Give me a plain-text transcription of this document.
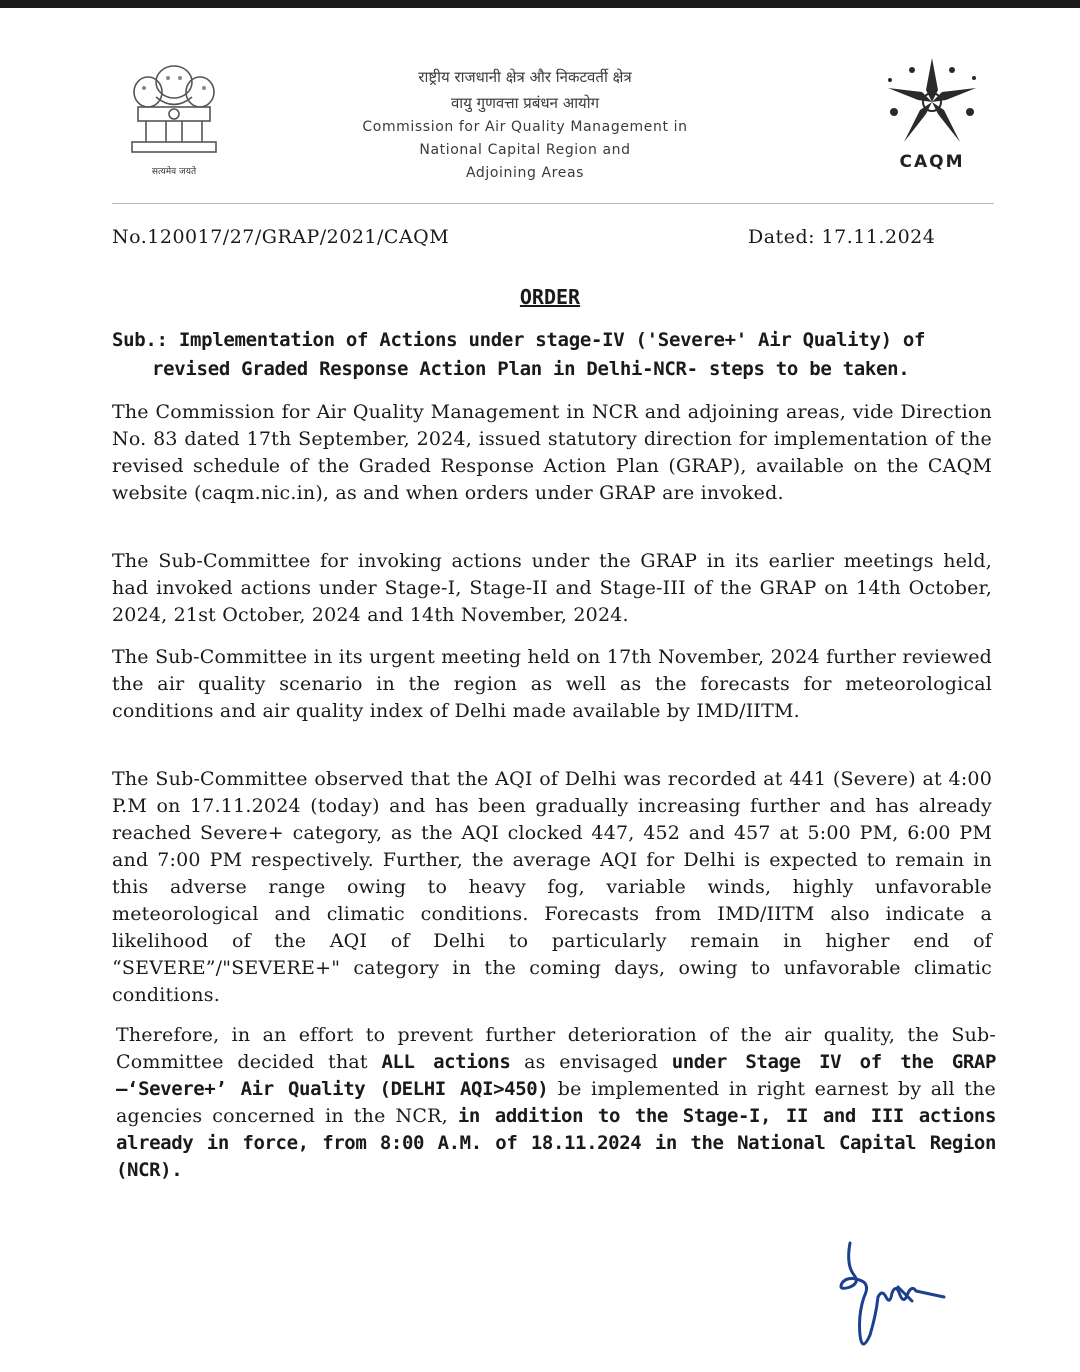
सत्यमेव जयते
राष्ट्रीय राजधानी क्षेत्र और निकटवर्ती क्षेत्र
वायु गुणवत्ता प्रबंधन आयोग
Commission for Air Quality Management in
National Capital Region and
Adjoining Areas
CAQM
No.120017/27/GRAP/2021/CAQM	Dated: 17.11.2024
ORDER
Sub.: Implementation of Actions under stage-IV ('Severe+' Air Quality) of
revised Graded Response Action Plan in Delhi-NCR- steps to be taken.
The Commission for Air Quality Management in NCR and adjoining areas, vide Direction No. 83 dated 17th September, 2024, issued statutory direction for implementation of the revised schedule of the Graded Response Action Plan (GRAP), available on the CAQM website (caqm.nic.in), as and when orders under GRAP are invoked.
The Sub-Committee for invoking actions under the GRAP in its earlier meetings held, had invoked actions under Stage-I, Stage-II and Stage-III of the GRAP on 14th October, 2024, 21st October, 2024 and 14th November, 2024.
The Sub-Committee in its urgent meeting held on 17th November, 2024 further reviewed the air quality scenario in the region as well as the forecasts for meteorological conditions and air quality index of Delhi made available by IMD/IITM.
The Sub-Committee observed that the AQI of Delhi was recorded at 441 (Severe) at 4:00 P.M on 17.11.2024 (today) and has been gradually increasing further and has already reached Severe+ category, as the AQI clocked 447, 452 and 457 at 5:00 PM, 6:00 PM and 7:00 PM respectively. Further, the average AQI for Delhi is expected to remain in this adverse range owing to heavy fog, variable winds, highly unfavorable meteorological and climatic conditions. Forecasts from IMD/IITM also indicate a likelihood of the AQI of Delhi to particularly remain in higher end of “SEVERE”/"SEVERE+" category in the coming days, owing to unfavorable climatic conditions.
Therefore, in an effort to prevent further deterioration of the air quality, the Sub-Committee decided that ALL actions as envisaged under Stage IV of the GRAP –‘Severe+’ Air Quality (DELHI AQI>450) be implemented in right earnest by all the agencies concerned in the NCR, in addition to the Stage-I, II and III actions already in force, from 8:00 A.M. of 18.11.2024 in the National Capital Region (NCR).
